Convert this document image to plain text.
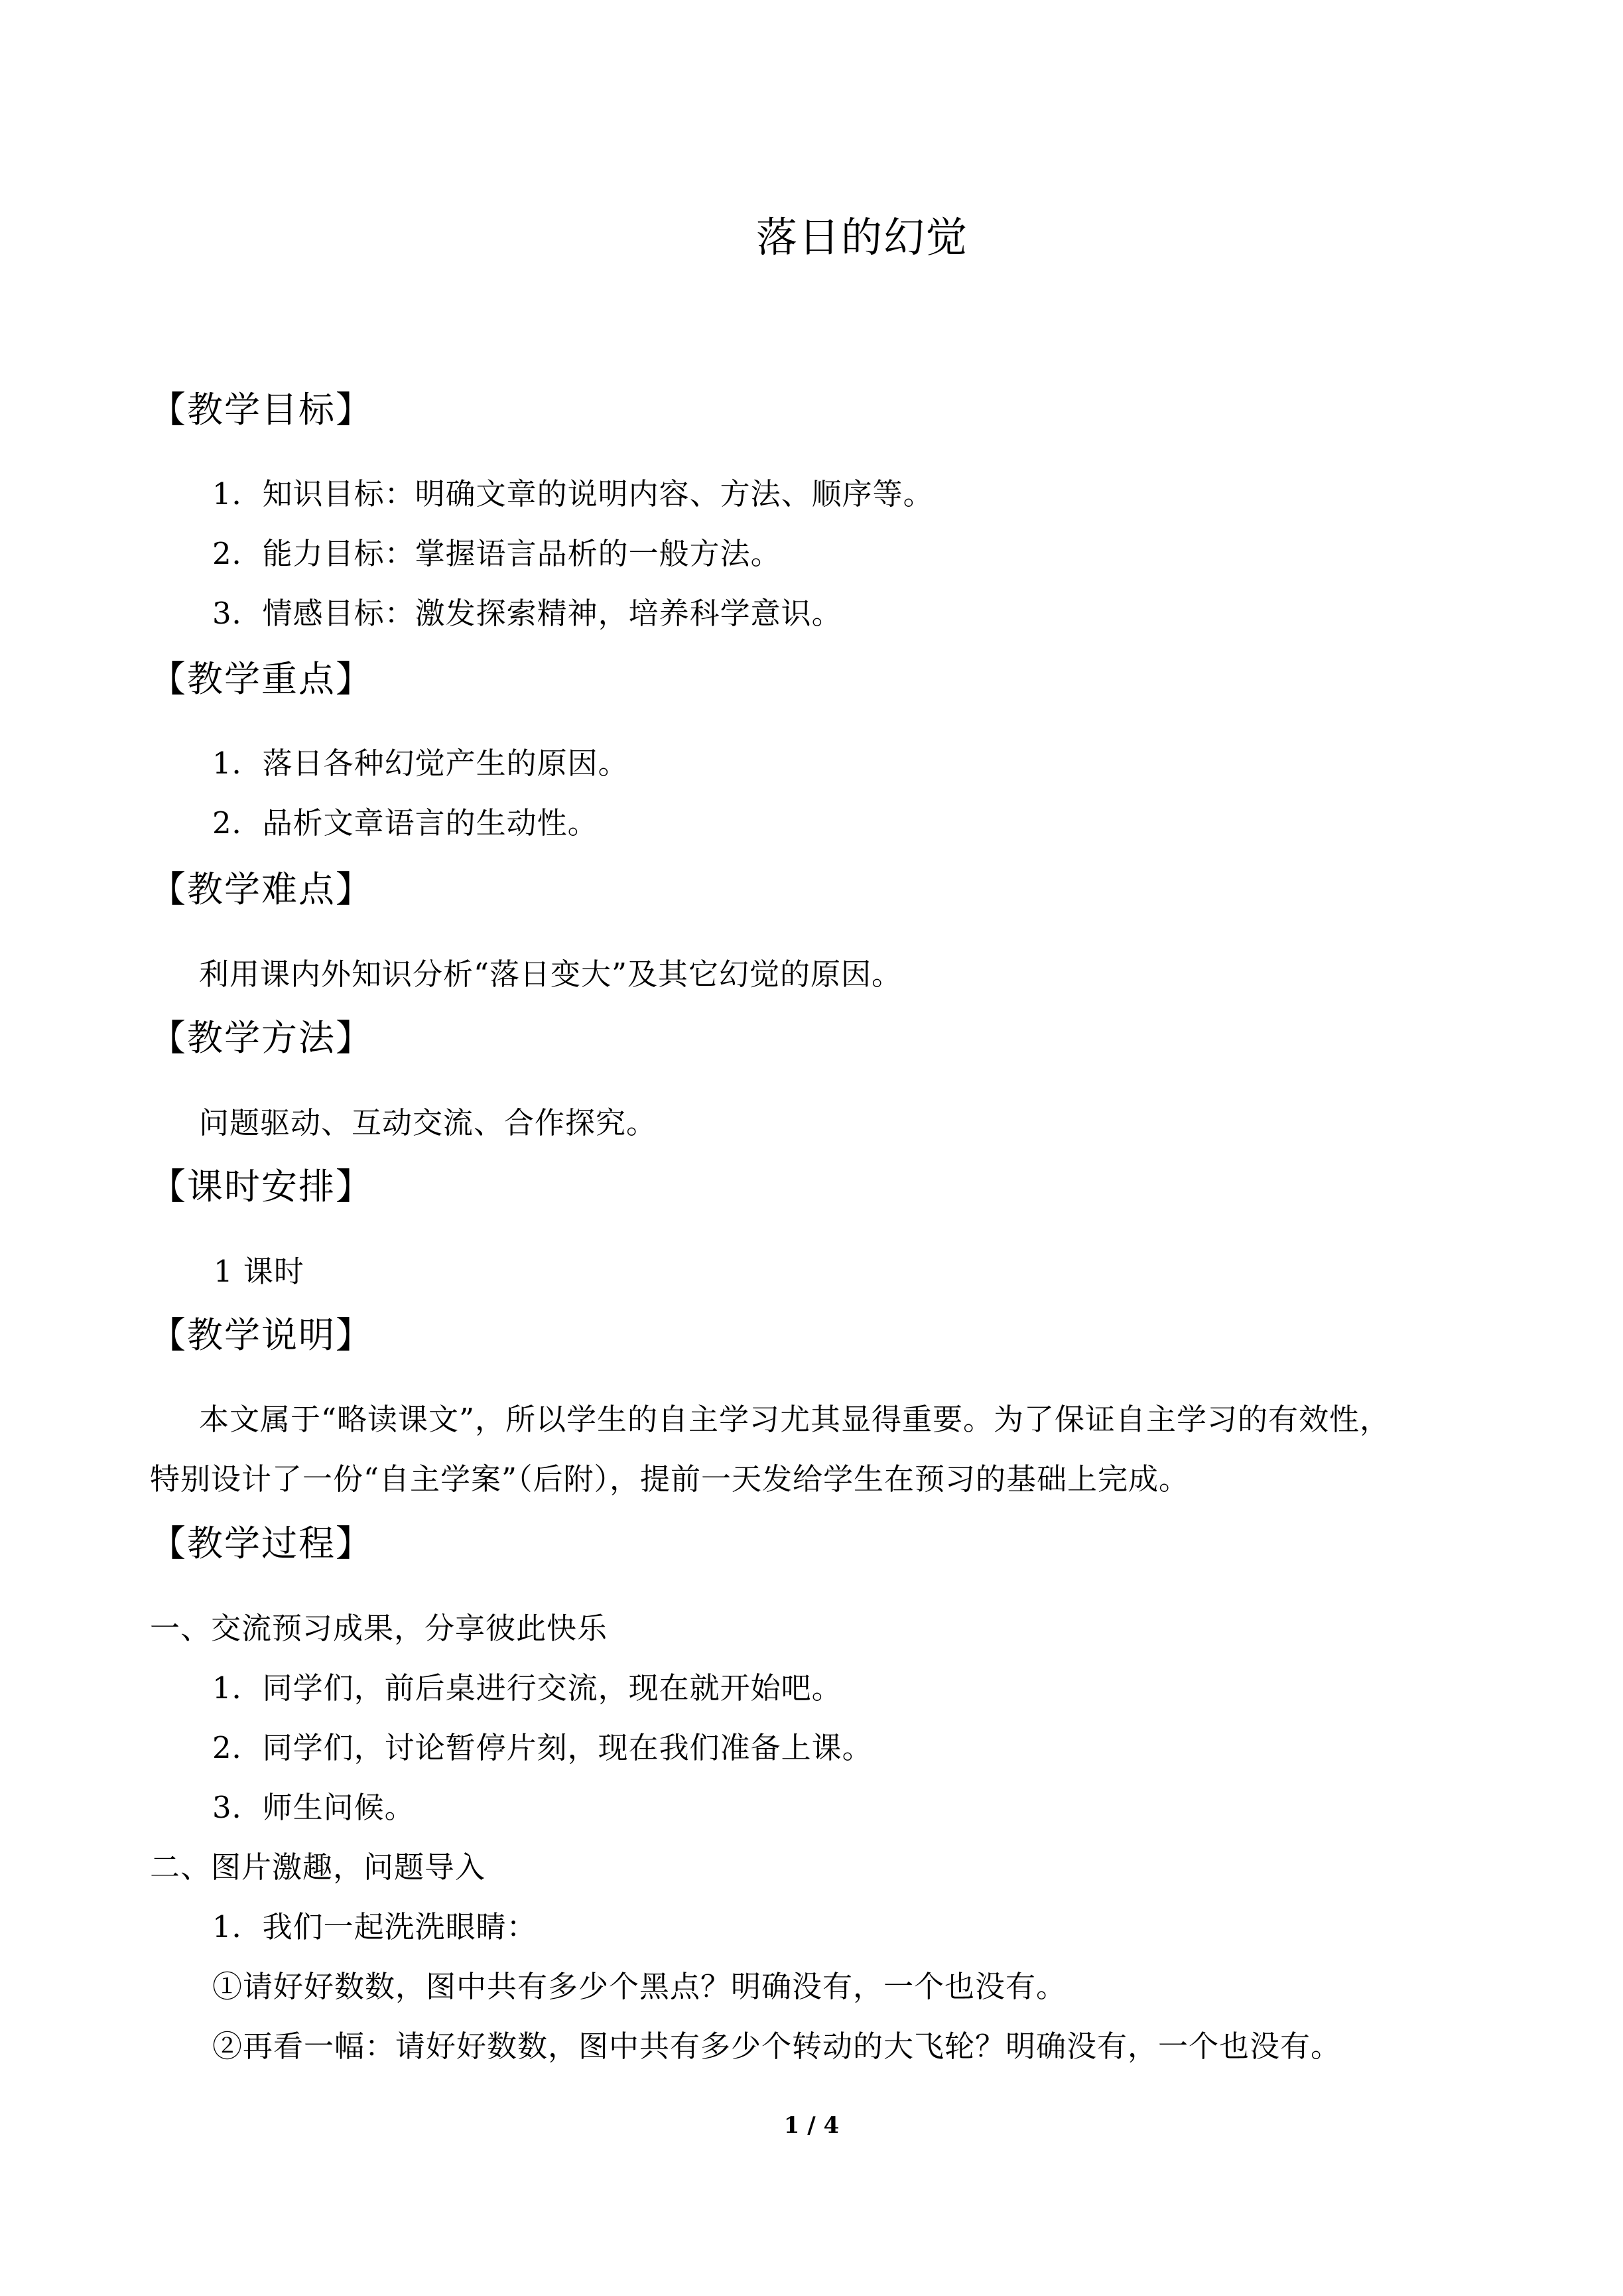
落日的幻觉
【教学目标】
1．知识目标：明确文章的说明内容、方法、顺序等。
2．能力目标：掌握语言品析的一般方法。
3．情感目标：激发探索精神，培养科学意识。
【教学重点】
1．落日各种幻觉产生的原因。
2．品析文章语言的生动性。
【教学难点】
利用课内外知识分析“落日变大”及其它幻觉的原因。
【教学方法】
问题驱动、互动交流、合作探究。
【课时安排】
1 课时
【教学说明】
本文属于“略读课文”，所以学生的自主学习尤其显得重要。为了保证自主学习的有效性，
特别设计了一份“自主学案”（后附），提前一天发给学生在预习的基础上完成。
【教学过程】
一、交流预习成果，分享彼此快乐
1．同学们，前后桌进行交流，现在就开始吧。
2．同学们，讨论暂停片刻，现在我们准备上课。
3．师生问候。
二、图片激趣，问题导入
1．我们一起洗洗眼睛：
①请好好数数，图中共有多少个黑点？明确没有，一个也没有。
②再看一幅：请好好数数，图中共有多少个转动的大飞轮？明确没有，一个也没有。
1 / 4
